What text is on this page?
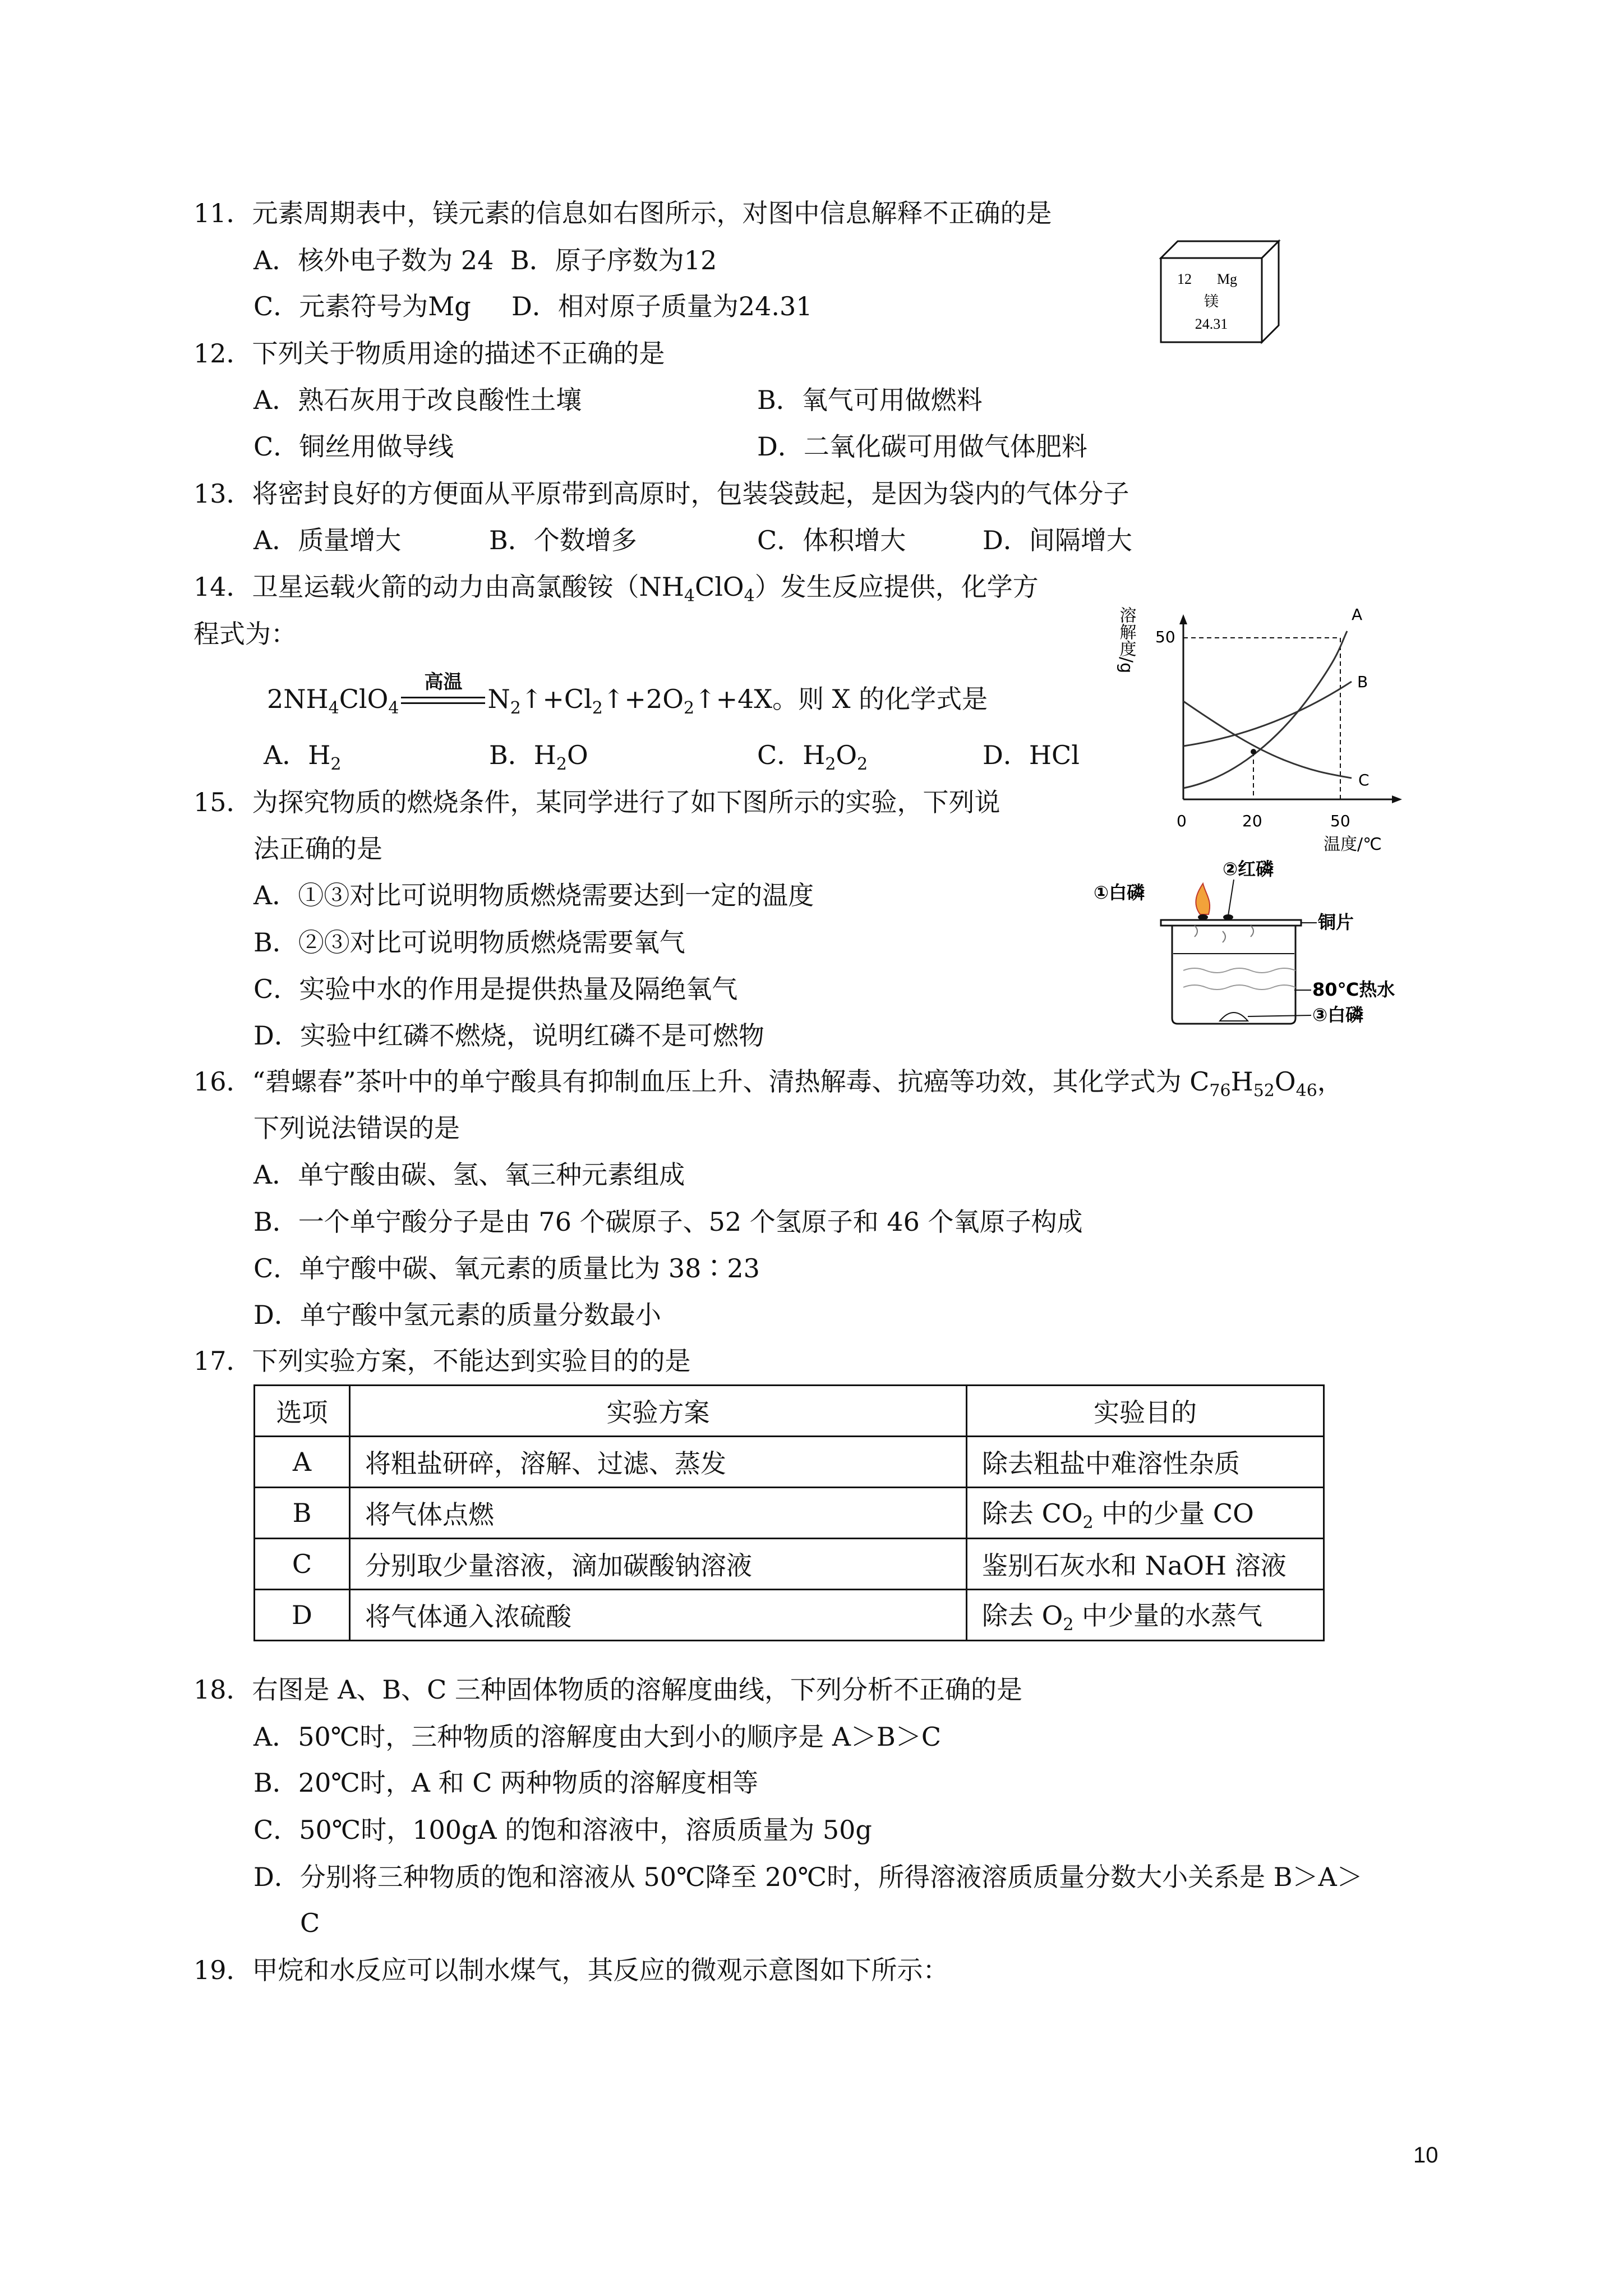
11．元素周期表中，镁元素的信息如右图所示，对图中信息解释不正确的是
A．核外电子数为 24 B．原子序数为12
C．元素符号为Mg D．相对原子质量为24.31
12 Mg
镁
24.31
12．下列关于物质用途的描述不正确的是
A．熟石灰用于改良酸性土壤	B．氧气可用做燃料
C．铜丝用做导线	D．二氧化碳可用做气体肥料
13．将密封良好的方便面从平原带到高原时，包装袋鼓起，是因为袋内的气体分子
A．质量增大	B．个数增多	C．体积增大	D．间隔增大
14．卫星运载火箭的动力由高氯酸铵$(NH_4ClO_4)$发生反应提供，化学方
程式为：
$2NH_4ClO_4$
高温
$N_2↑+Cl_2↑+2O_2↑+4X$。则 X 的化学式是
A．$H_2$	B．$H_2O$	C．$H_2O_2$	D．HCl
溶解度/g 50
A
B
C
0	20	50
温度/℃
15．为探究物质的燃烧条件，某同学进行了如下图所示的实验，下列说
法正确的是
A．①③对比可说明物质燃烧需要达到一定的温度
B．②③对比可说明物质燃烧需要氧气
C．实验中水的作用是提供热量及隔绝氧气
D．实验中红磷不燃烧，说明红磷不是可燃物
①白磷
②红磷
铜片
80℃热水
③白磷
16．“碧螺春”茶叶中的单宁酸具有抑制血压上升、清热解毒、抗癌等功效，其化学式为 $C_{76}H_{52}O_{46}$，
下列说法错误的是
A．单宁酸由碳、氢、氧三种元素组成
B．一个单宁酸分子是由 76 个碳原子、52 个氢原子和 46 个氧原子构成
C．单宁酸中碳、氧元素的质量比为 38∶23
D．单宁酸中氢元素的质量分数最小
17．下列实验方案，不能达到实验目的的是
选项	实验方案	实验目的
A	将粗盐研碎，溶解、过滤、蒸发	除去粗盐中难溶性杂质
B	将气体点燃	除去 $CO_2$ 中的少量 CO
C	分别取少量溶液，滴加碳酸钠溶液	鉴别石灰水和 NaOH 溶液
D	将气体通入浓硫酸	除去 $O_2$ 中少量的水蒸气
18．右图是 A、B、C 三种固体物质的溶解度曲线，下列分析不正确的是
A．50℃时，三种物质的溶解度由大到小的顺序是 A＞B＞C
B．20℃时，A 和 C 两种物质的溶解度相等
C．50℃时，100gA 的饱和溶液中，溶质质量为 50g
D．分别将三种物质的饱和溶液从 50℃降至 20℃时，所得溶液溶质质量分数大小关系是 B＞A＞
C
19．甲烷和水反应可以制水煤气，其反应的微观示意图如下所示：
10
